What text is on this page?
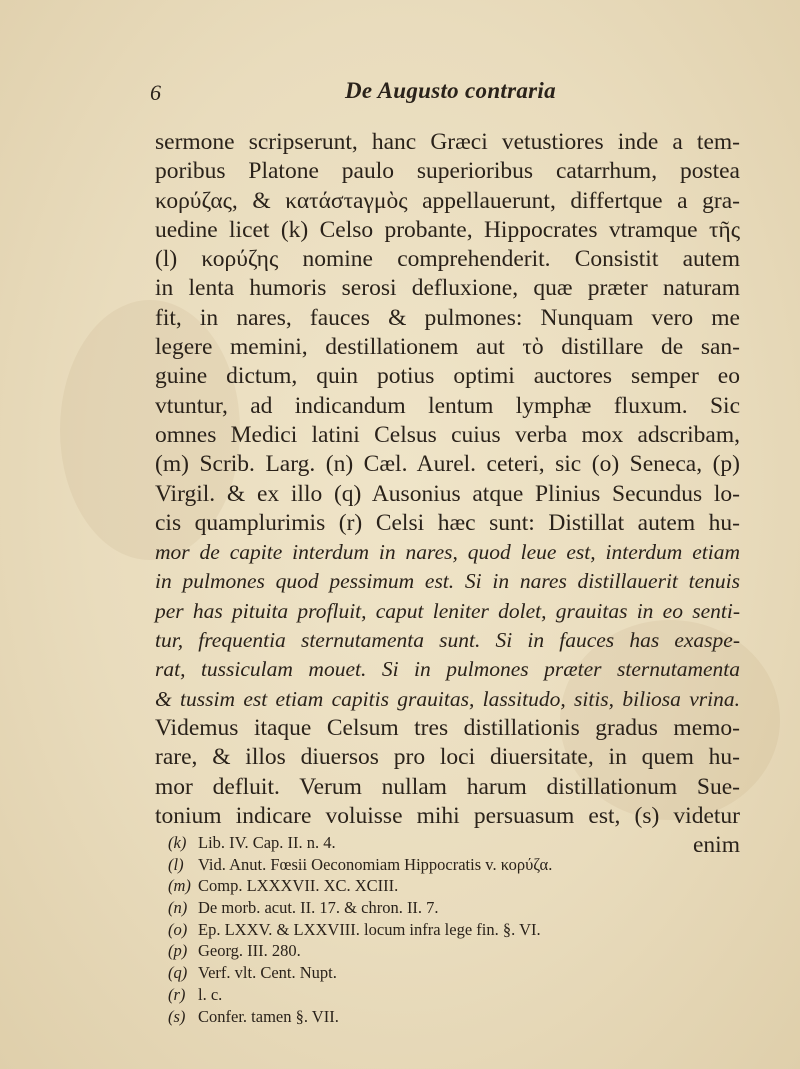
6	De Augusto contraria
sermone scripserunt, hanc Græci vetustiores inde a tem-
poribus Platone paulo superioribus catarrhum, postea
κορύζας, & κατάστaγμὸς appellauerunt, differtque a gra-
uedine licet (k) Celso probante, Hippocrates vtramque τῆς
(l) κορύζης nomine comprehenderit. Consistit autem
in lenta humoris serosi defluxione, quæ præter naturam
fit, in nares, fauces & pulmones: Nunquam vero me
legere memini, destillationem aut τὸ distillare de san-
guine dictum, quin potius optimi auctores semper eo
vtuntur, ad indicandum lentum lymphæ fluxum. Sic
omnes Medici latini Celsus cuius verba mox adscribam,
(m) Scrib. Larg. (n) Cæl. Aurel. ceteri, sic (o) Seneca, (p)
Virgil. & ex illo (q) Ausonius atque Plinius Secundus lo-
cis quamplurimis (r) Celsi hæc sunt: Distillat autem hu-
mor de capite interdum in nares, quod leue est, interdum etiam
in pulmones quod pessimum est. Si in nares distillauerit tenuis
per has pituita profluit, caput leniter dolet, grauitas in eo senti-
tur, frequentia sternutamenta sunt. Si in fauces has exaspe-
rat, tussiculam mouet. Si in pulmones præter sternutamenta
& tussim est etiam capitis grauitas, lassitudo, sitis, biliosa vrina.
Videmus itaque Celsum tres distillationis gradus memo-
rare, & illos diuersos pro loci diuersitate, in quem hu-
mor defluit. Verum nullam harum distillationum Sue-
tonium indicare voluisse mihi persuasum est, (s) videtur
enim
(k) Lib. IV. Cap. II. n. 4.
(l) Vid. Anut. Fœsii Oeconomiam Hippocratis v. κορύζα.
(m) Comp. LXXXVII. XC. XCIII.
(n) De morb. acut. II. 17. & chron. II. 7.
(o) Ep. LXXV. & LXXVIII. locum infra lege fin. §. VI.
(p) Georg. III. 280.
(q) Verf. vlt. Cent. Nupt.
(r) l. c.
(s) Confer. tamen §. VII.
